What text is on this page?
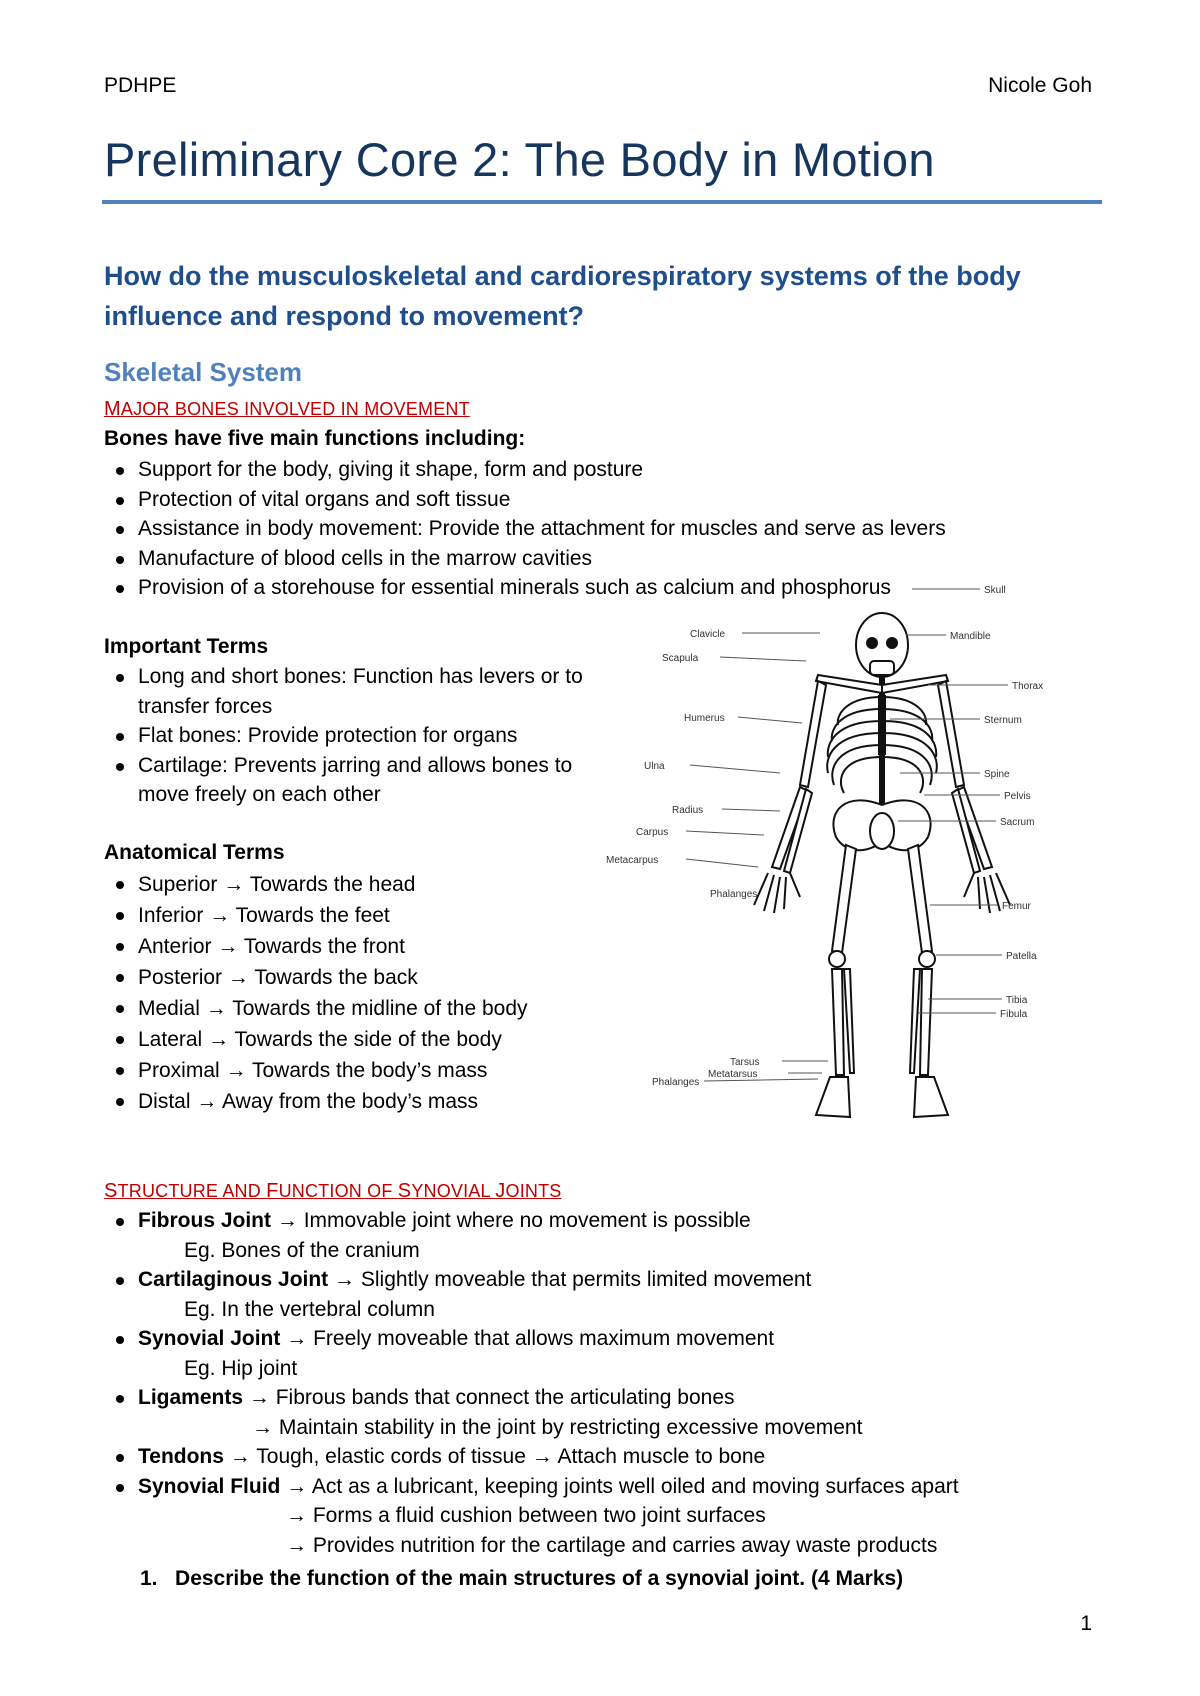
PDHPE	Nicole Goh
Preliminary Core 2: The Body in Motion
How do the musculoskeletal and cardiorespiratory systems of the body influence and respond to movement?
Skeletal System
MAJOR BONES INVOLVED IN MOVEMENT
Bones have five main functions including:
Support for the body, giving it shape, form and posture
Protection of vital organs and soft tissue
Assistance in body movement: Provide the attachment for muscles and serve as levers
Manufacture of blood cells in the marrow cavities
Provision of a storehouse for essential minerals such as calcium and phosphorus
Important Terms
Long and short bones: Function has levers or to transfer forces
Flat bones: Provide protection for organs
Cartilage: Prevents jarring and allows bones to move freely on each other
Anatomical Terms
Superior → Towards the head
Inferior → Towards the feet
Anterior → Towards the front
Posterior → Towards the back
Medial → Towards the midline of the body
Lateral → Towards the side of the body
Proximal → Towards the body’s mass
Distal → Away from the body’s mass
Clavicle
Scapula
Humerus
Ulna
Radius
Carpus
Metacarpus
Phalanges
Tarsus
Metatarsus
Phalanges
Skull
Mandible
Thorax
Sternum
Spine
Pelvis
Sacrum
Femur
Patella
Tibia
Fibula
STRUCTURE AND FUNCTION OF SYNOVIAL JOINTS
Fibrous Joint → Immovable joint where no movement is possible
Eg. Bones of the cranium
Cartilaginous Joint → Slightly moveable that permits limited movement
Eg. In the vertebral column
Synovial Joint → Freely moveable that allows maximum movement
Eg. Hip joint
Ligaments → Fibrous bands that connect the articulating bones
→ Maintain stability in the joint by restricting excessive movement
Tendons → Tough, elastic cords of tissue → Attach muscle to bone
Synovial Fluid → Act as a lubricant, keeping joints well oiled and moving surfaces apart
→ Forms a fluid cushion between two joint surfaces
→ Provides nutrition for the cartilage and carries away waste products
1. Describe the function of the main structures of a synovial joint. (4 Marks)
1
